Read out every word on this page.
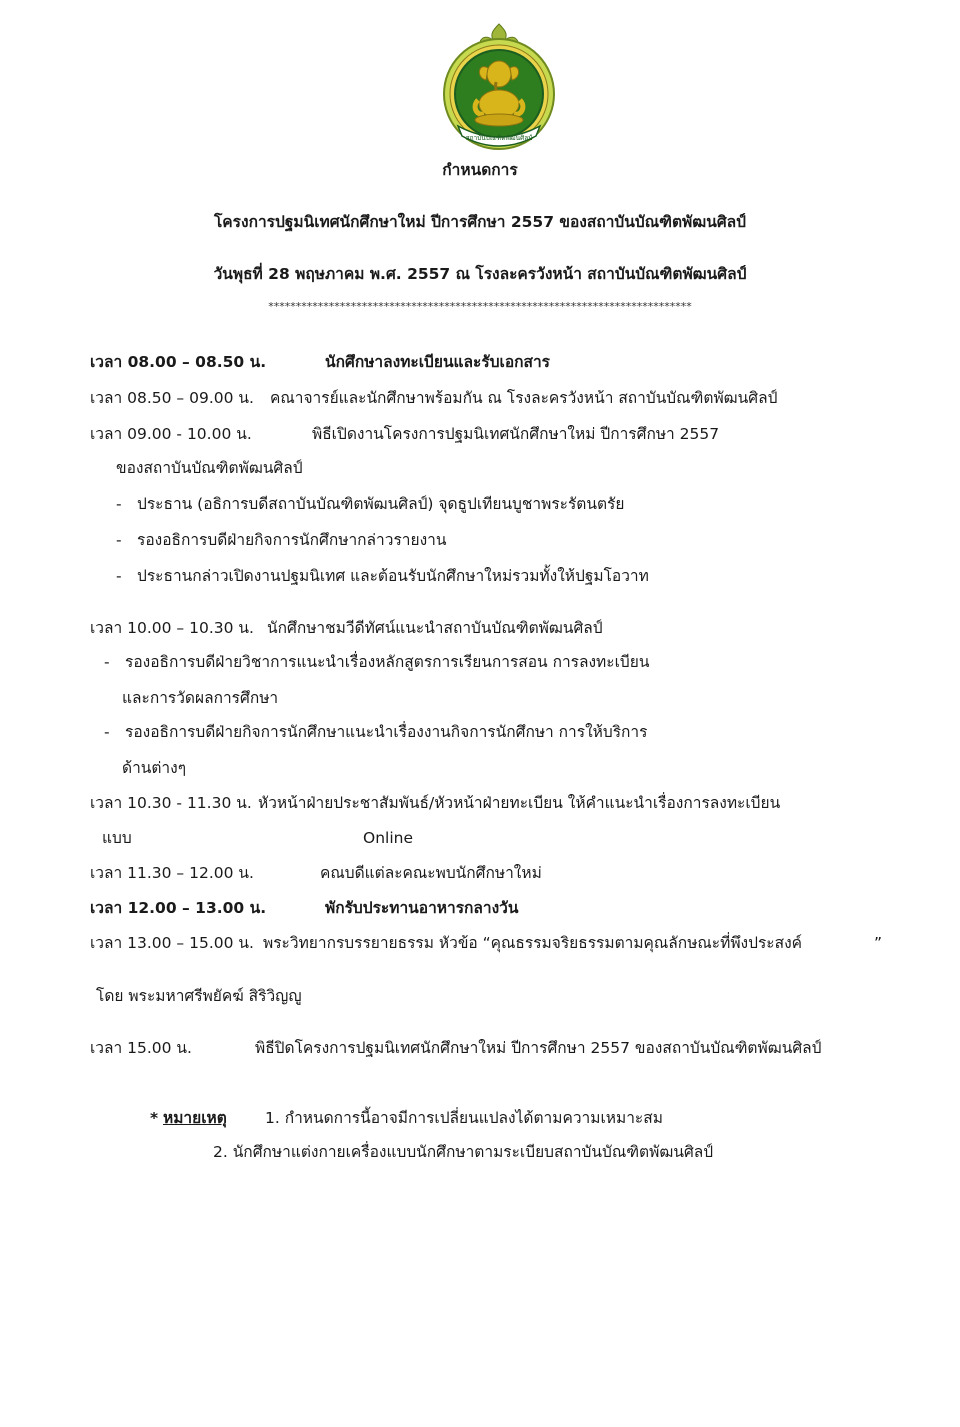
สถาบันบัณฑิตพัฒนศิลป์
กำหนดการ
โครงการปฐมนิเทศนักศึกษาใหม่ ปีการศึกษา 2557 ของสถาบันบัณฑิตพัฒนศิลป์
วันพุธที่ 28 พฤษภาคม พ.ศ. 2557 ณ โรงละครวังหน้า สถาบันบัณฑิตพัฒนศิลป์
*****************************************************************************
เวลา 08.00 – 08.50 น.	นักศึกษาลงทะเบียนและรับเอกสาร
เวลา 08.50 – 09.00 น. คณาจารย์และนักศึกษาพร้อมกัน ณ โรงละครวังหน้า สถาบันบัณฑิตพัฒนศิลป์
เวลา 09.00 - 10.00 น.	พิธีเปิดงานโครงการปฐมนิเทศนักศึกษาใหม่ ปีการศึกษา 2557
ของสถาบันบัณฑิตพัฒนศิลป์
- ประธาน (อธิการบดีสถาบันบัณฑิตพัฒนศิลป์) จุดธูปเทียนบูชาพระรัตนตรัย
- รองอธิการบดีฝ่ายกิจการนักศึกษากล่าวรายงาน
- ประธานกล่าวเปิดงานปฐมนิเทศ และต้อนรับนักศึกษาใหม่รวมทั้งให้ปฐมโอวาท
เวลา 10.00 – 10.30 น. นักศึกษาชมวีดีทัศน์แนะนำสถาบันบัณฑิตพัฒนศิลป์
- รองอธิการบดีฝ่ายวิชาการแนะนำเรื่องหลักสูตรการเรียนการสอน การลงทะเบียน
และการวัดผลการศึกษา
- รองอธิการบดีฝ่ายกิจการนักศึกษาแนะนำเรื่องงานกิจการนักศึกษา การให้บริการ
ด้านต่างๆ
เวลา 10.30 - 11.30 น. หัวหน้าฝ่ายประชาสัมพันธ์/หัวหน้าฝ่ายทะเบียน ให้คำแนะนำเรื่องการลงทะเบียน
แบบ	Online
เวลา 11.30 – 12.00 น.	คณบดีแต่ละคณะพบนักศึกษาใหม่
เวลา 12.00 – 13.00 น.	พักรับประทานอาหารกลางวัน
เวลา 13.00 – 15.00 น. พระวิทยากรบรรยายธรรม หัวข้อ “คุณธรรมจริยธรรมตามคุณลักษณะที่พึงประสงค์	”
โดย พระมหาศรีพยัคฆ์ สิริวิญญู
เวลา 15.00 น.	พิธีปิดโครงการปฐมนิเทศนักศึกษาใหม่ ปีการศึกษา 2557 ของสถาบันบัณฑิตพัฒนศิลป์
* หมายเหตุ 1. กำหนดการนี้อาจมีการเปลี่ยนแปลงได้ตามความเหมาะสม
2. นักศึกษาแต่งกายเครื่องแบบนักศึกษาตามระเบียบสถาบันบัณฑิตพัฒนศิลป์
